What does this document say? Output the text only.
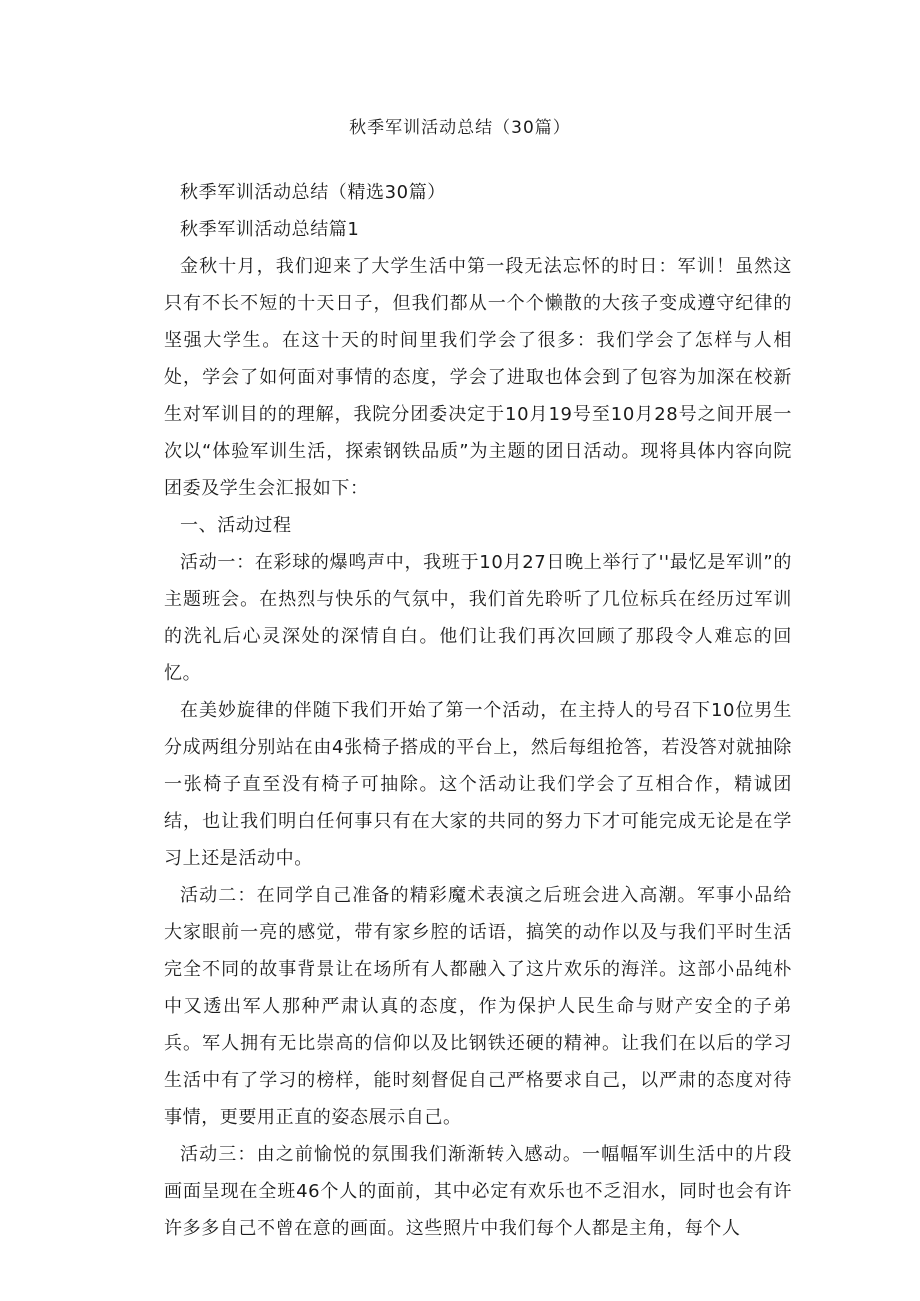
秋季军训活动总结（30篇）

秋季军训活动总结（精选30篇）

秋季军训活动总结篇1

金秋十月，我们迎来了大学生活中第一段无法忘怀的时日：军训！虽然这只有不长不短的十天日子，但我们都从一个个懒散的大孩子变成遵守纪律的坚强大学生。在这十天的时间里我们学会了很多：我们学会了怎样与人相处，学会了如何面对事情的态度，学会了进取也体会到了包容为加深在校新生对军训目的的理解，我院分团委决定于10月19号至10月28号之间开展一次以“体验军训生活，探索钢铁品质”为主题的团日活动。现将具体内容向院团委及学生会汇报如下：

一、活动过程

活动一：在彩球的爆鸣声中，我班于10月27日晚上举行了''最忆是军训”的主题班会。在热烈与快乐的气氛中，我们首先聆听了几位标兵在经历过军训的洗礼后心灵深处的深情自白。他们让我们再次回顾了那段令人难忘的回忆。

在美妙旋律的伴随下我们开始了第一个活动，在主持人的号召下10位男生分成两组分别站在由4张椅子搭成的平台上，然后每组抢答，若没答对就抽除一张椅子直至没有椅子可抽除。这个活动让我们学会了互相合作，精诚团结，也让我们明白任何事只有在大家的共同的努力下才可能完成无论是在学习上还是活动中。

活动二：在同学自己准备的精彩魔术表演之后班会进入高潮。军事小品给大家眼前一亮的感觉，带有家乡腔的话语，搞笑的动作以及与我们平时生活完全不同的故事背景让在场所有人都融入了这片欢乐的海洋。这部小品纯朴中又透出军人那种严肃认真的态度，作为保护人民生命与财产安全的子弟兵。军人拥有无比崇高的信仰以及比钢铁还硬的精神。让我们在以后的学习生活中有了学习的榜样，能时刻督促自己严格要求自己，以严肃的态度对待事情，更要用正直的姿态展示自己。

活动三：由之前愉悦的氛围我们渐渐转入感动。一幅幅军训生活中的片段画面呈现在全班46个人的面前，其中必定有欢乐也不乏泪水，同时也会有许许多多自己不曾在意的画面。这些照片中我们每个人都是主角，每个人
